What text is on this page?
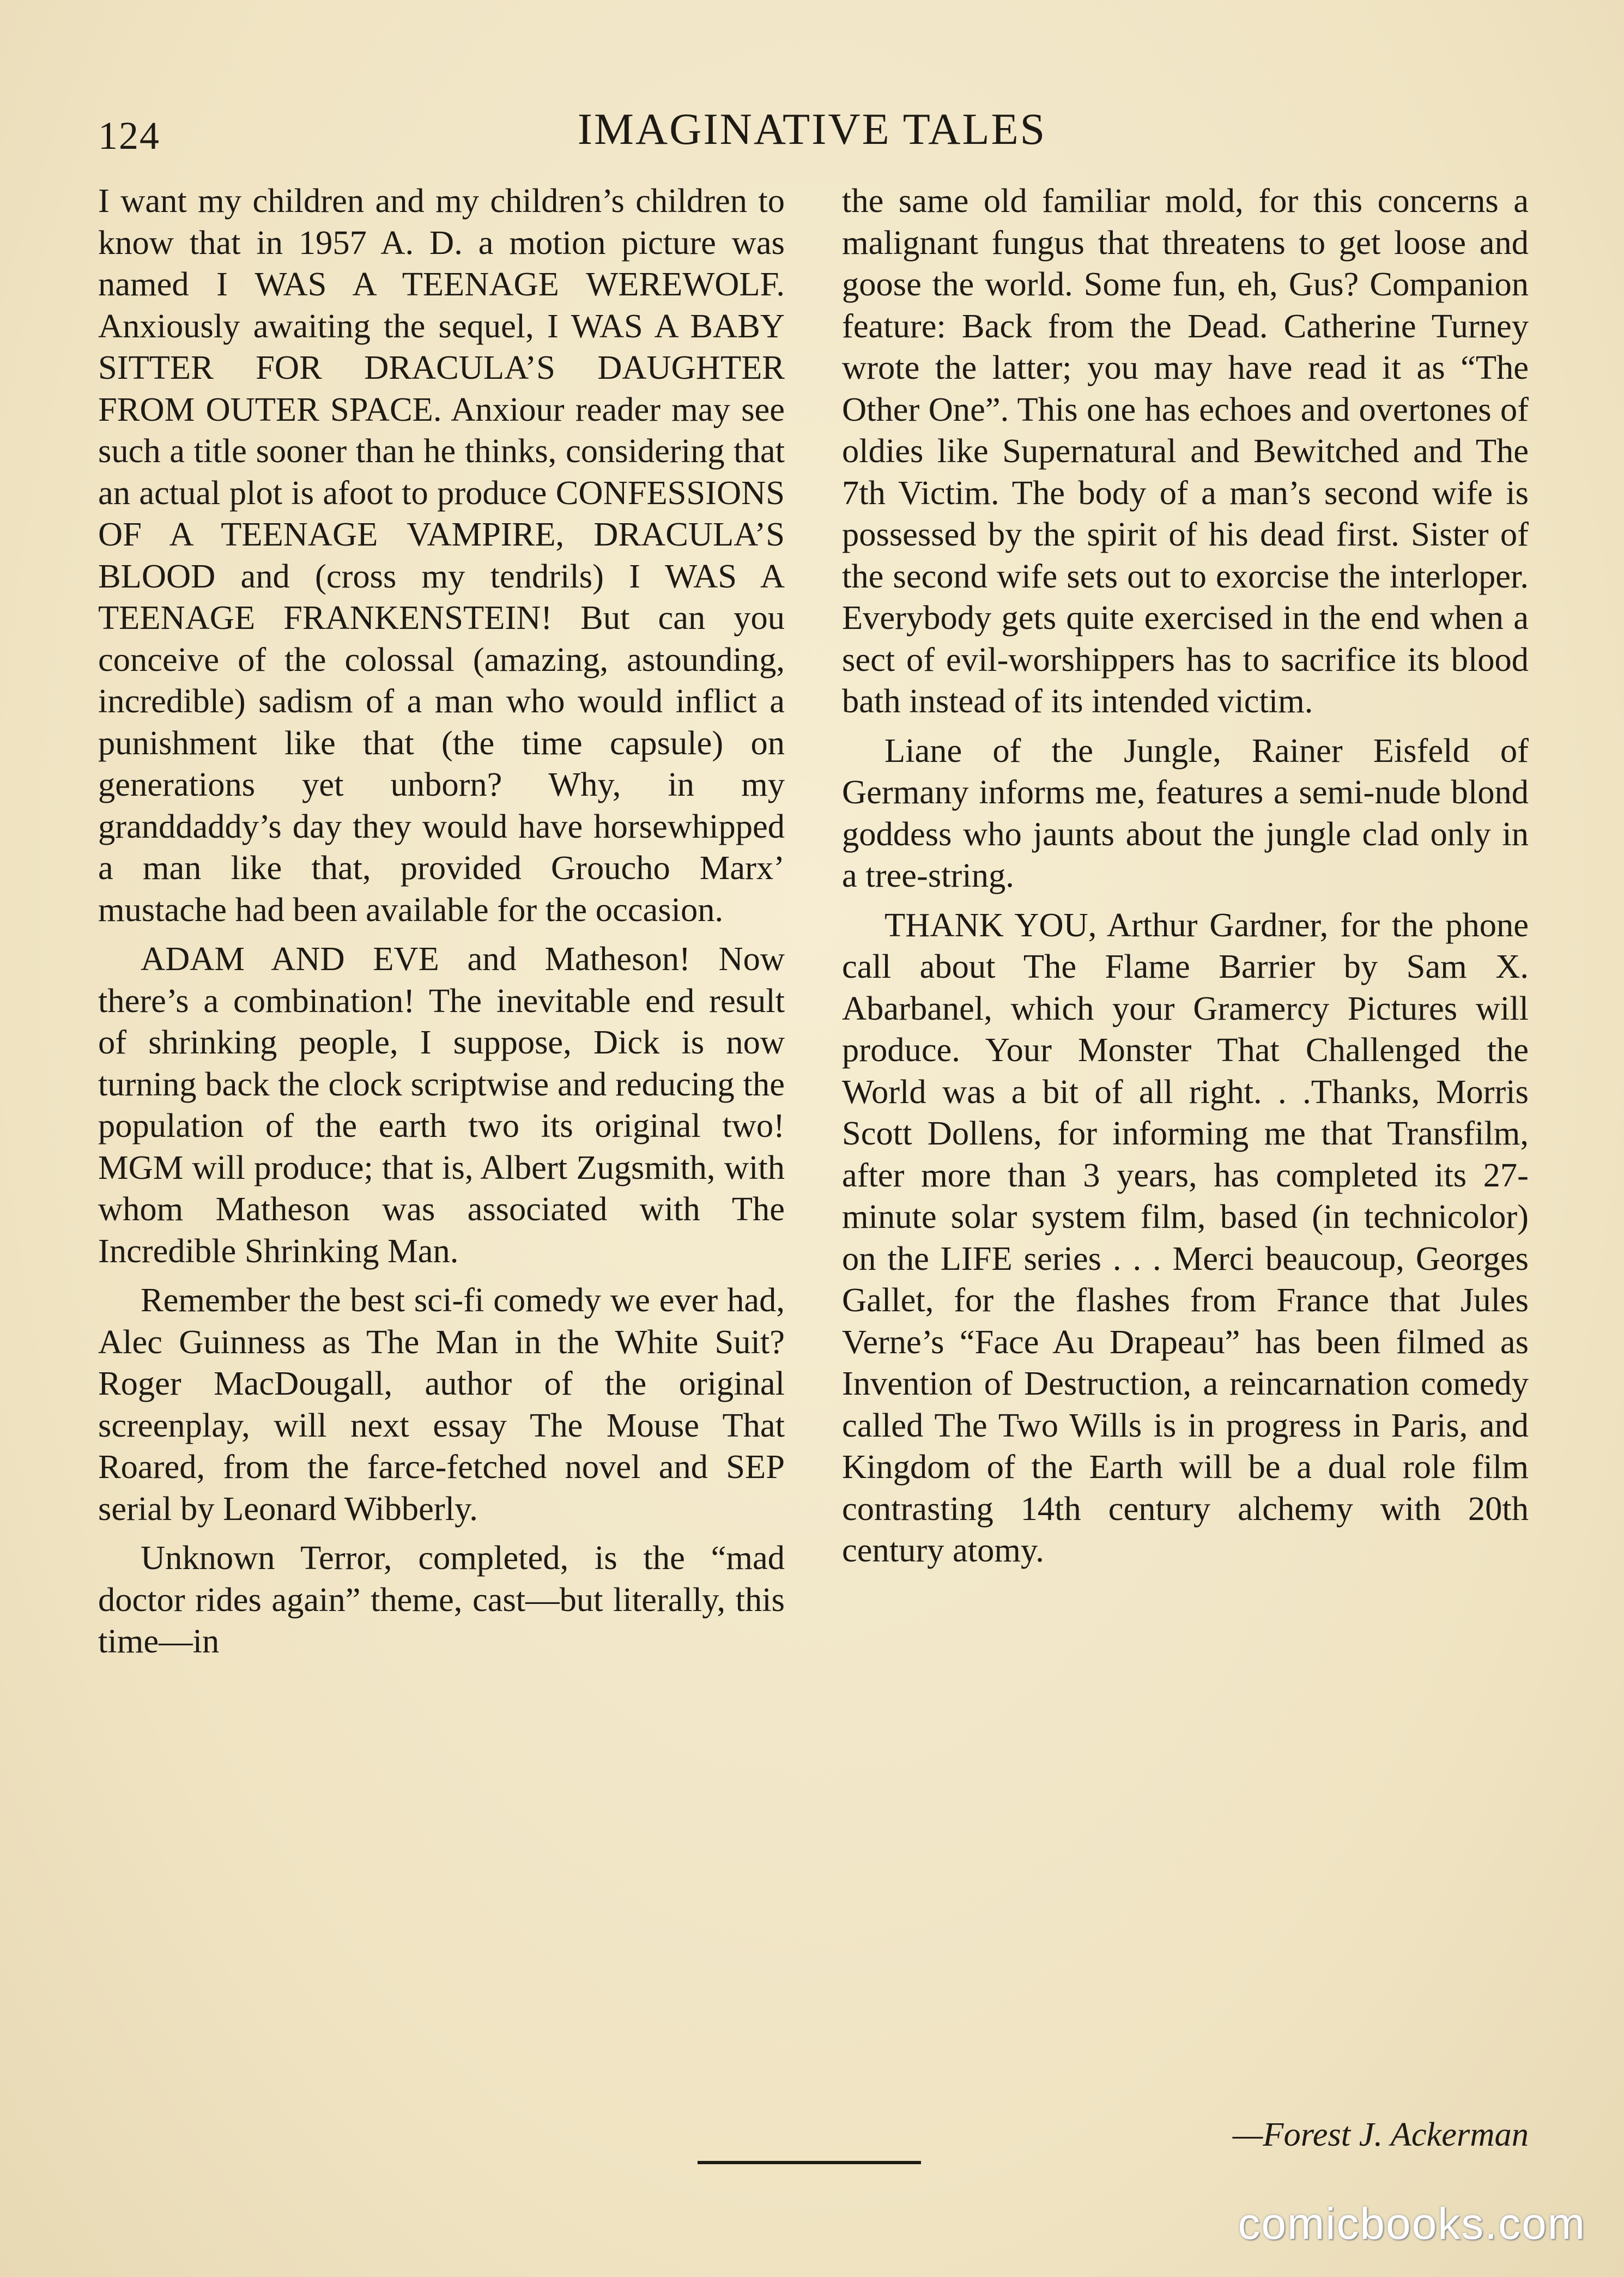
124	IMAGINATIVE TALES

I want my children and my children’s children to know that in 1957 A. D. a motion picture was named I WAS A TEENAGE WEREWOLF. Anxiously awaiting the sequel, I WAS A BABY SITTER FOR DRACULA’S DAUGHTER FROM OUTER SPACE. Anxiour reader may see such a title sooner than he thinks, considering that an actual plot is afoot to produce CONFESSIONS OF A TEENAGE VAMPIRE, DRACULA’S BLOOD and (cross my tendrils) I WAS A TEENAGE FRANKENSTEIN! But can you conceive of the colossal (amazing, astounding, incredible) sadism of a man who would inflict a punishment like that (the time capsule) on generations yet unborn? Why, in my granddaddy’s day they would have horsewhipped a man like that, provided Groucho Marx’ mustache had been available for the occasion.

ADAM AND EVE and Matheson! Now there’s a combination! The inevitable end result of shrinking people, I suppose, Dick is now turning back the clock scriptwise and reducing the population of the earth two its original two! MGM will produce; that is, Albert Zugsmith, with whom Matheson was associated with The Incredible Shrinking Man.

Remember the best sci-fi comedy we ever had, Alec Guinness as The Man in the White Suit? Roger MacDougall, author of the original screenplay, will next essay The Mouse That Roared, from the farce-fetched novel and SEP serial by Leonard Wibberly.

Unknown Terror, completed, is the “mad doctor rides again” theme, cast—but literally, this time—in

the same old familiar mold, for this concerns a malignant fungus that threatens to get loose and goose the world. Some fun, eh, Gus? Companion feature: Back from the Dead. Catherine Turney wrote the latter; you may have read it as “The Other One”. This one has echoes and overtones of oldies like Supernatural and Bewitched and The 7th Victim. The body of a man’s second wife is possessed by the spirit of his dead first. Sister of the second wife sets out to exorcise the interloper. Everybody gets quite exercised in the end when a sect of evil-worshippers has to sacrifice its blood bath instead of its intended victim.

Liane of the Jungle, Rainer Eisfeld of Germany informs me, features a semi-nude blond goddess who jaunts about the jungle clad only in a tree-string.

THANK YOU, Arthur Gardner, for the phone call about The Flame Barrier by Sam X. Abarbanel, which your Gramercy Pictures will produce. Your Monster That Challenged the World was a bit of all right. . .Thanks, Morris Scott Dollens, for informing me that Transfilm, after more than 3 years, has completed its 27-minute solar system film, based (in technicolor) on the LIFE series . . . Merci beaucoup, Georges Gallet, for the flashes from France that Jules Verne’s “Face Au Drapeau” has been filmed as Invention of Destruction, a reincarnation comedy called The Two Wills is in progress in Paris, and Kingdom of the Earth will be a dual role film contrasting 14th century alchemy with 20th century atomy.

—Forest J. Ackerman
comicbooks.com
